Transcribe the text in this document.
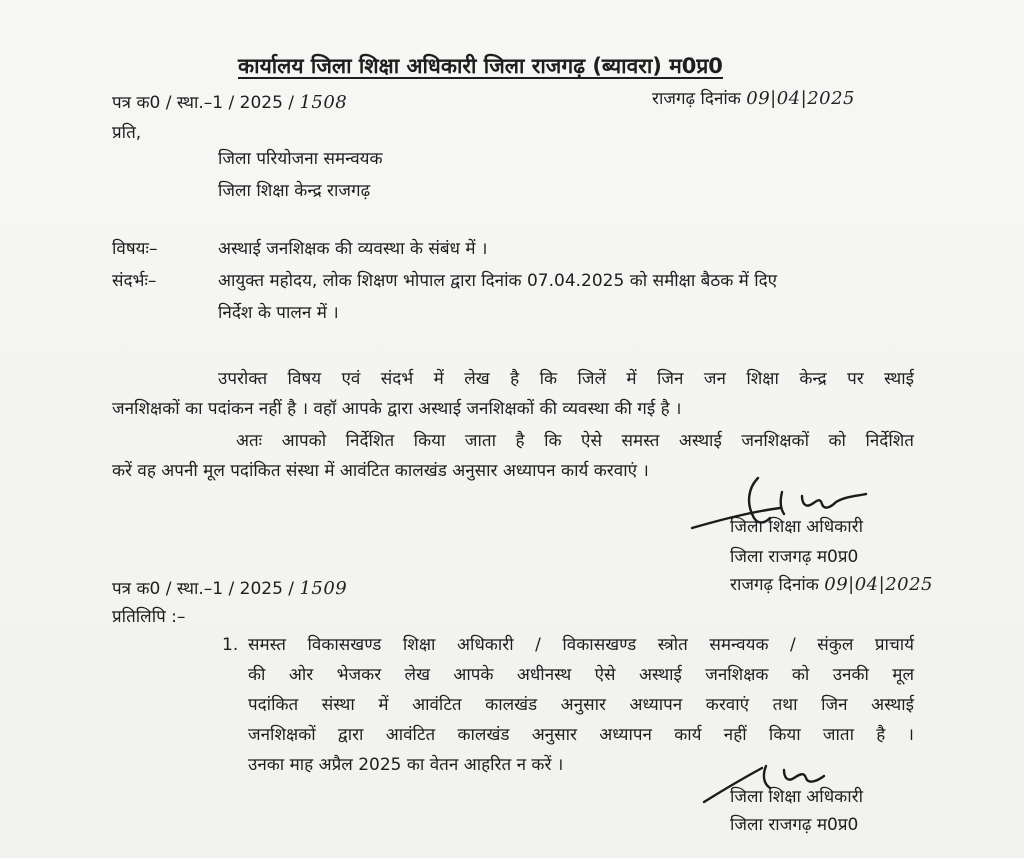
कार्यालय जिला शिक्षा अधिकारी जिला राजगढ़ (ब्यावरा) म0प्र0
पत्र क0 / स्था.–1 / 2025 / 1508	राजगढ़ दिनांक 09|04|2025
प्रति,
जिला परियोजना समन्वयक
जिला शिक्षा केन्द्र राजगढ़
विषयः–	अस्थाई जनशिक्षक की व्यवस्था के संबंध में ।
संदर्भः–	आयुक्त महोदय, लोक शिक्षण भोपाल द्वारा दिनांक 07.04.2025 को समीक्षा बैठक में दिए
निर्देश के पालन में ।
उपरोक्त विषय एवं संदर्भ में लेख है कि जिलें में जिन जन शिक्षा केन्द्र पर स्थाई
जनशिक्षकों का पदांकन नहीं है । वहॉ आपके द्वारा अस्थाई जनशिक्षकों की व्यवस्था की गई है ।
अतः आपको निर्देशित किया जाता है कि ऐसे समस्त अस्थाई जनशिक्षकों को निर्देशित
करें वह अपनी मूल पदांकित संस्था में आवंटित कालखंड अनुसार अध्यापन कार्य करवाएं ।
जिला शिक्षा अधिकारी
जिला राजगढ़ म0प्र0
राजगढ़ दिनांक 09|04|2025
पत्र क0 / स्था.–1 / 2025 / 1509
प्रतिलिपि :–
1. समस्त विकासखण्ड शिक्षा अधिकारी / विकासखण्ड स्त्रोत समन्वयक / संकुल प्राचार्य
की ओर भेजकर लेख आपके अधीनस्थ ऐसे अस्थाई जनशिक्षक को उनकी मूल
पदांकित संस्था में आवंटित कालखंड अनुसार अध्यापन करवाएं तथा जिन अस्थाई
जनशिक्षकों द्वारा आवंटित कालखंड अनुसार अध्यापन कार्य नहीं किया जाता है ।
उनका माह अप्रैल 2025 का वेतन आहरित न करें ।
जिला शिक्षा अधिकारी
जिला राजगढ़ म0प्र0
